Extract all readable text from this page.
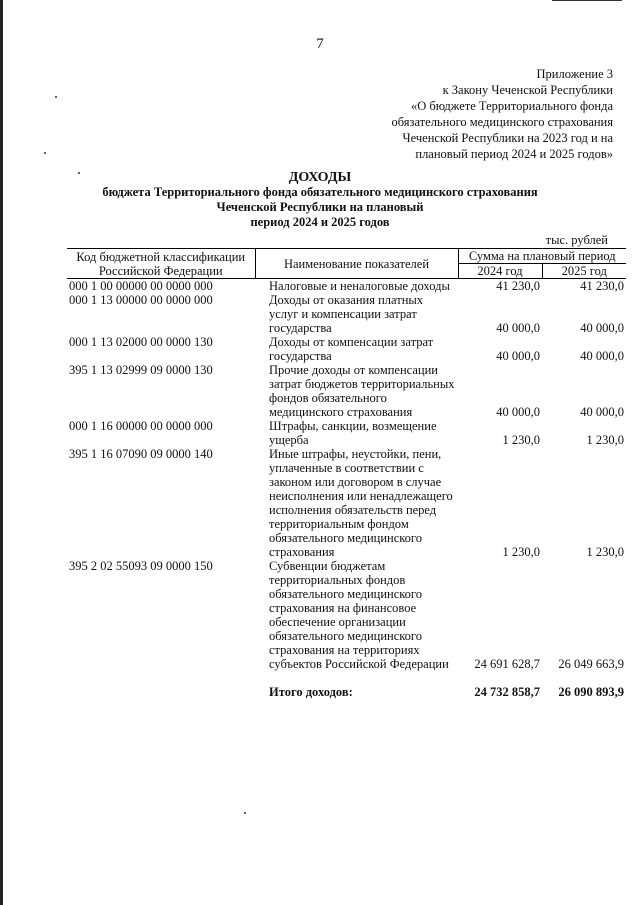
7
Приложение 3
к Закону Чеченской Республики
«О бюджете Территориального фонда
обязательного медицинского страхования
Чеченской Республики на 2023 год и на
плановый период 2024 и 2025 годов»
ДОХОДЫ
бюджета Территориального фонда обязательного медицинского страхования
Чеченской Республики на плановый
период 2024 и 2025 годов
тыс. рублей
Код бюджетной классификации Российской Федерации	Наименование показателей	Сумма на плановый период	
		2024 год	2025 год
000 1 00 00000 00 0000 000	Налоговые и неналоговые доходы	41 230,0	41 230,0
000 1 13 00000 00 0000 000	Доходы от оказания платных услуг и компенсации затрат государства	40 000,0	40 000,0
000 1 13 02000 00 0000 130	Доходы от компенсации затрат государства	40 000,0	40 000,0
395 1 13 02999 09 0000 130	Прочие доходы от компенсации затрат бюджетов территориальных фондов обязательного медицинского страхования	40 000,0	40 000,0
000 1 16 00000 00 0000 000	Штрафы, санкции, возмещение ущерба	1 230,0	1 230,0
395 1 16 07090 09 0000 140	Иные штрафы, неустойки, пени, уплаченные в соответствии с законом или договором в случае неисполнения или ненадлежащего исполнения обязательств перед территориальным фондом обязательного медицинского страхования	1 230,0	1 230,0
395 2 02 55093 09 0000 150	Субвенции бюджетам территориальных фондов обязательного медицинского страхования на финансовое обеспечение организации обязательного медицинского страхования на территориях субъектов Российской Федерации	24 691 628,7	26 049 663,9
	Итого доходов:	24 732 858,7	26 090 893,9
